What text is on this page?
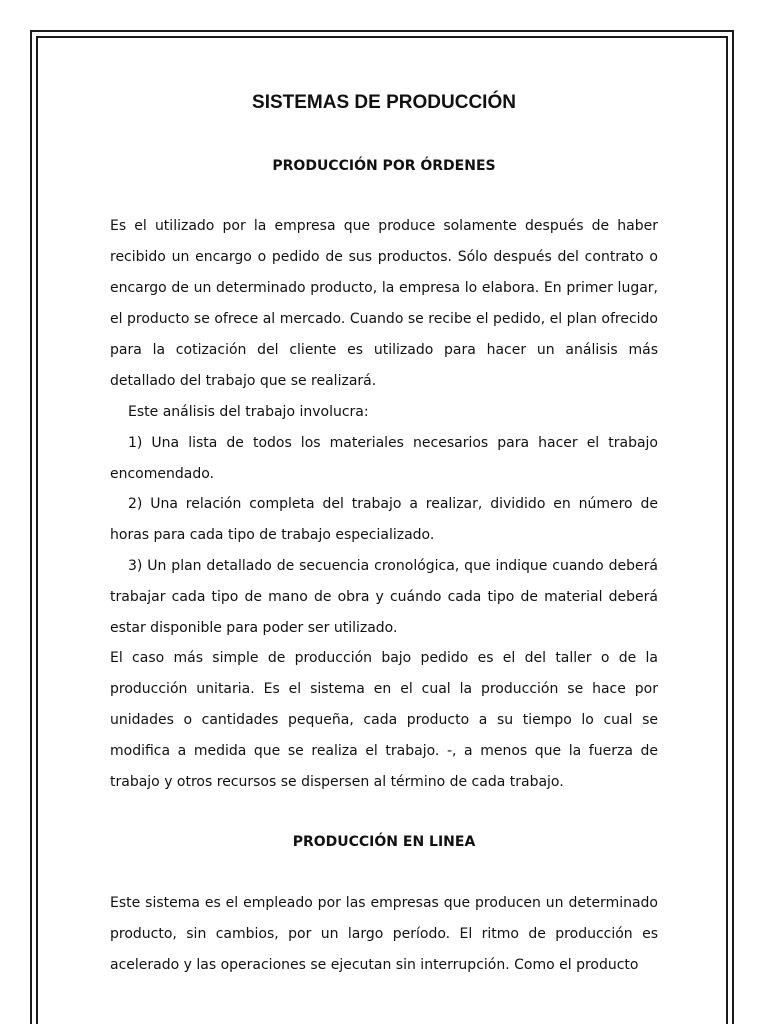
SISTEMAS DE PRODUCCIÓN
PRODUCCIÓN POR ÓRDENES

Es el utilizado por la empresa que produce solamente después de haber recibido un encargo o pedido de sus productos. Sólo después del contrato o encargo de un determinado producto, la empresa lo elabora. En primer lugar, el producto se ofrece al mercado. Cuando se recibe el pedido, el plan ofrecido para la cotización del cliente es utilizado para hacer un análisis más detallado del trabajo que se realizará.

Este análisis del trabajo involucra:

1) Una lista de todos los materiales necesarios para hacer el trabajo encomendado.

2) Una relación completa del trabajo a realizar, dividido en número de horas para cada tipo de trabajo especializado.

3) Un plan detallado de secuencia cronológica, que indique cuando deberá trabajar cada tipo de mano de obra y cuándo cada tipo de material deberá estar disponible para poder ser utilizado.

El caso más simple de producción bajo pedido es el del taller o de la producción unitaria. Es el sistema en el cual la producción se hace por unidades o cantidades pequeña, cada producto a su tiempo lo cual se modifica a medida que se realiza el trabajo. -, a menos que la fuerza de trabajo y otros recursos se dispersen al término de cada trabajo.

PRODUCCIÓN EN LINEA

Este sistema es el empleado por las empresas que producen un determinado producto, sin cambios, por un largo período. El ritmo de producción es acelerado y las operaciones se ejecutan sin interrupción. Como el producto
